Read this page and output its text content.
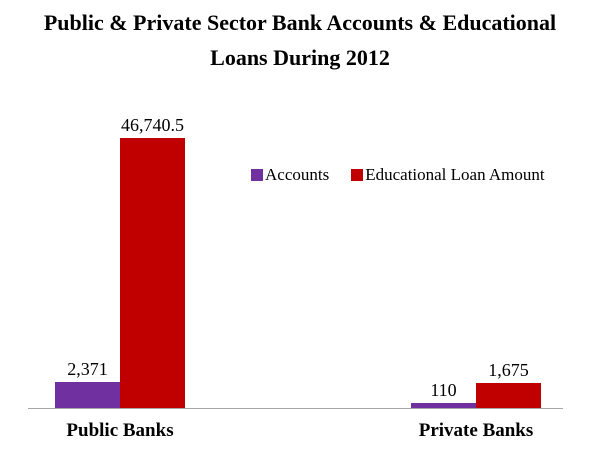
Public & Private Sector Bank Accounts & Educational
Loans During 2012
Accounts Educational Loan Amount
2,371
46,740.5
Public Banks
110
1,675
Private Banks
